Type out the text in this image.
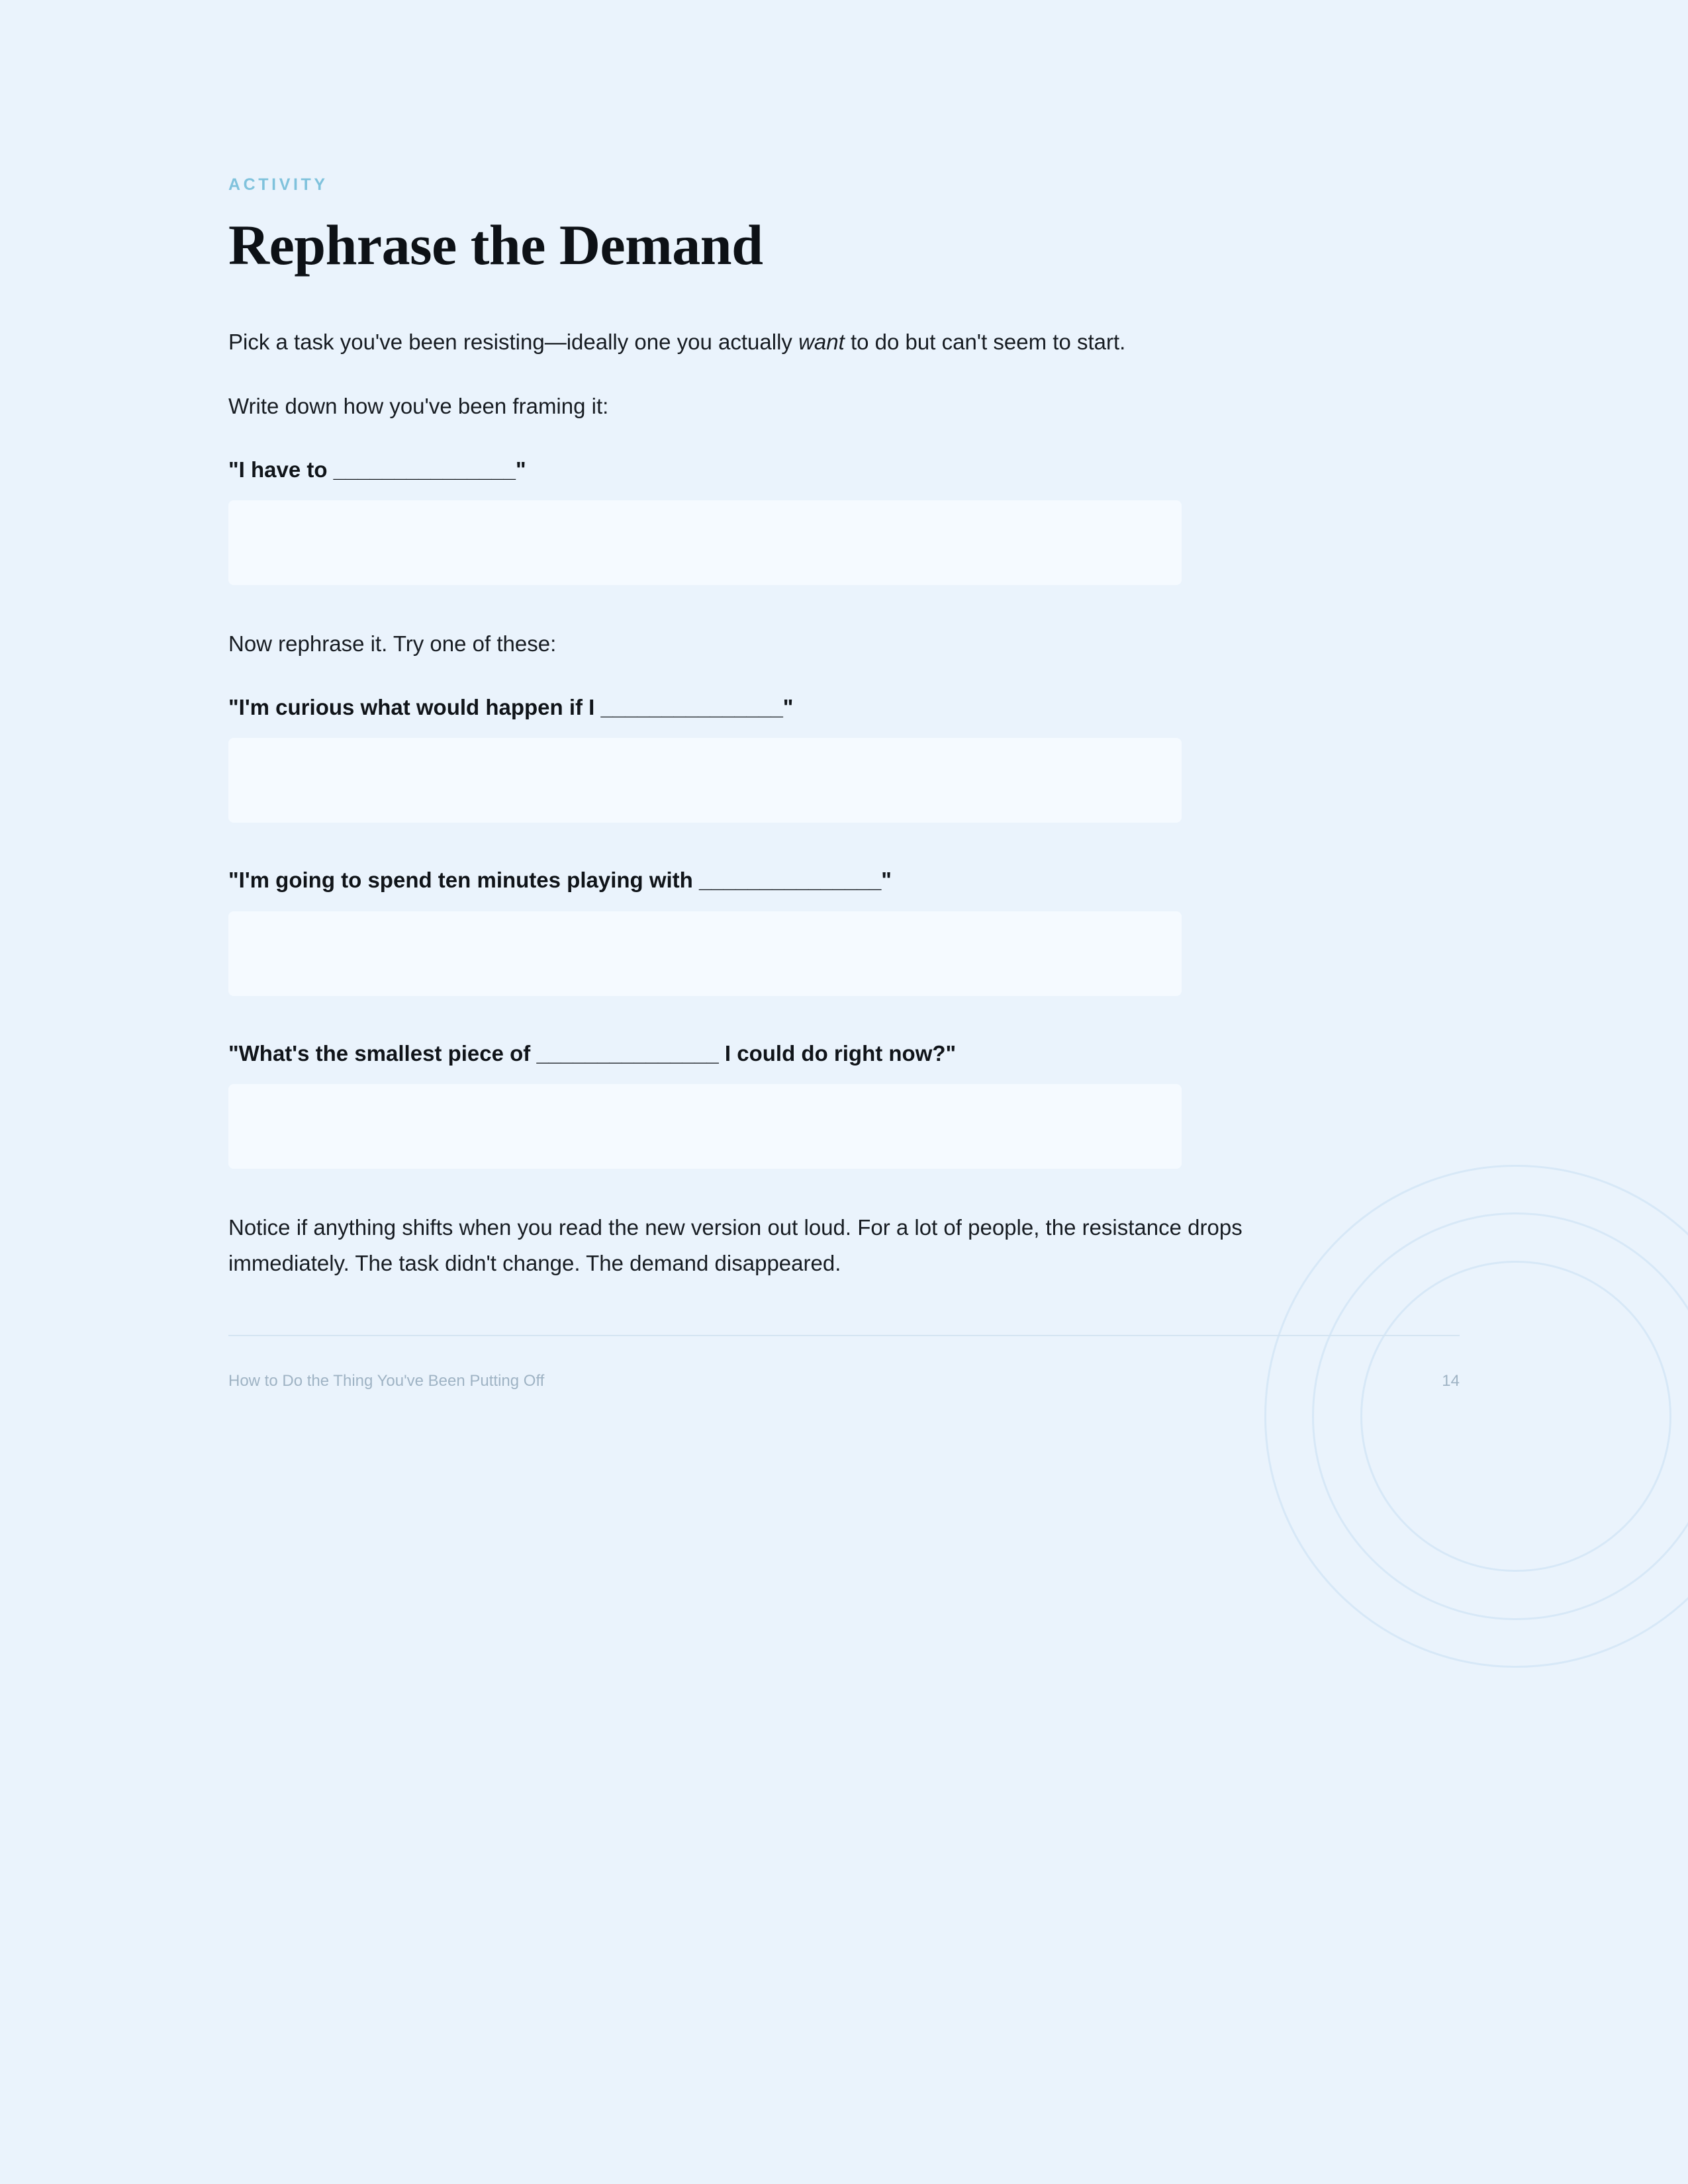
ACTIVITY
Rephrase the Demand

Pick a task you've been resisting—ideally one you actually want to do but can't seem to start.

Write down how you've been framing it:

"I have to _______________"

Now rephrase it. Try one of these:

"I'm curious what would happen if I _______________"

"I'm going to spend ten minutes playing with _______________"

"What's the smallest piece of _______________ I could do right now?"

Notice if anything shifts when you read the new version out loud. For a lot of people, the resistance drops immediately. The task didn't change. The demand disappeared.

How to Do the Thing You've Been Putting Off	14
